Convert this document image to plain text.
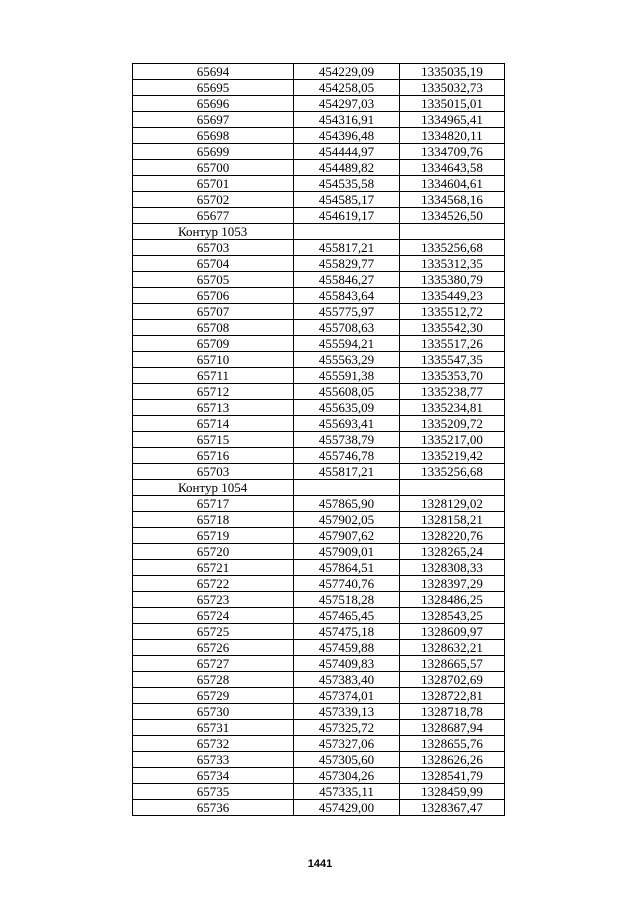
65694	454229,09	1335035,19
65695	454258,05	1335032,73
65696	454297,03	1335015,01
65697	454316,91	1334965,41
65698	454396,48	1334820,11
65699	454444,97	1334709,76
65700	454489,82	1334643,58
65701	454535,58	1334604,61
65702	454585,17	1334568,16
65677	454619,17	1334526,50
Контур 1053		
65703	455817,21	1335256,68
65704	455829,77	1335312,35
65705	455846,27	1335380,79
65706	455843,64	1335449,23
65707	455775,97	1335512,72
65708	455708,63	1335542,30
65709	455594,21	1335517,26
65710	455563,29	1335547,35
65711	455591,38	1335353,70
65712	455608,05	1335238,77
65713	455635,09	1335234,81
65714	455693,41	1335209,72
65715	455738,79	1335217,00
65716	455746,78	1335219,42
65703	455817,21	1335256,68
Контур 1054		
65717	457865,90	1328129,02
65718	457902,05	1328158,21
65719	457907,62	1328220,76
65720	457909,01	1328265,24
65721	457864,51	1328308,33
65722	457740,76	1328397,29
65723	457518,28	1328486,25
65724	457465,45	1328543,25
65725	457475,18	1328609,97
65726	457459,88	1328632,21
65727	457409,83	1328665,57
65728	457383,40	1328702,69
65729	457374,01	1328722,81
65730	457339,13	1328718,78
65731	457325,72	1328687,94
65732	457327,06	1328655,76
65733	457305,60	1328626,26
65734	457304,26	1328541,79
65735	457335,11	1328459,99
65736	457429,00	1328367,47
1441
